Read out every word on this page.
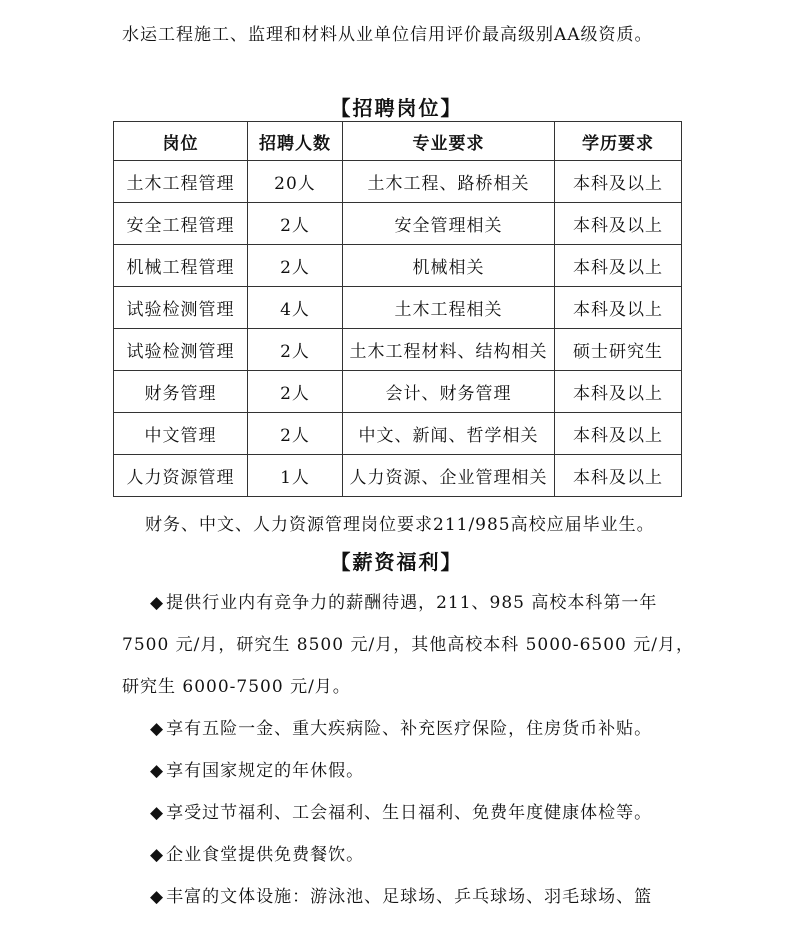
水运工程施工、监理和材料从业单位信用评价最高级别AA级资质。
【招聘岗位】
岗位	招聘人数	专业要求	学历要求
土木工程管理	20人	土木工程、路桥相关	本科及以上
安全工程管理	2人	安全管理相关	本科及以上
机械工程管理	2人	机械相关	本科及以上
试验检测管理	4人	土木工程相关	本科及以上
试验检测管理	2人	土木工程材料、结构相关	硕士研究生
财务管理	2人	会计、财务管理	本科及以上
中文管理	2人	中文、新闻、哲学相关	本科及以上
人力资源管理	1人	人力资源、企业管理相关	本科及以上
财务、中文、人力资源管理岗位要求211/985高校应届毕业生。
【薪资福利】
◆ 提供行业内有竞争力的薪酬待遇，211、985 高校本科第一年
7500 元/月，研究生 8500 元/月，其他高校本科 5000-6500 元/月，
研究生 6000-7500 元/月。
◆ 享有五险一金、重大疾病险、补充医疗保险，住房货币补贴。
◆ 享有国家规定的年休假。
◆ 享受过节福利、工会福利、生日福利、免费年度健康体检等。
◆ 企业食堂提供免费餐饮。
◆ 丰富的文体设施：游泳池、足球场、乒乓球场、羽毛球场、篮
